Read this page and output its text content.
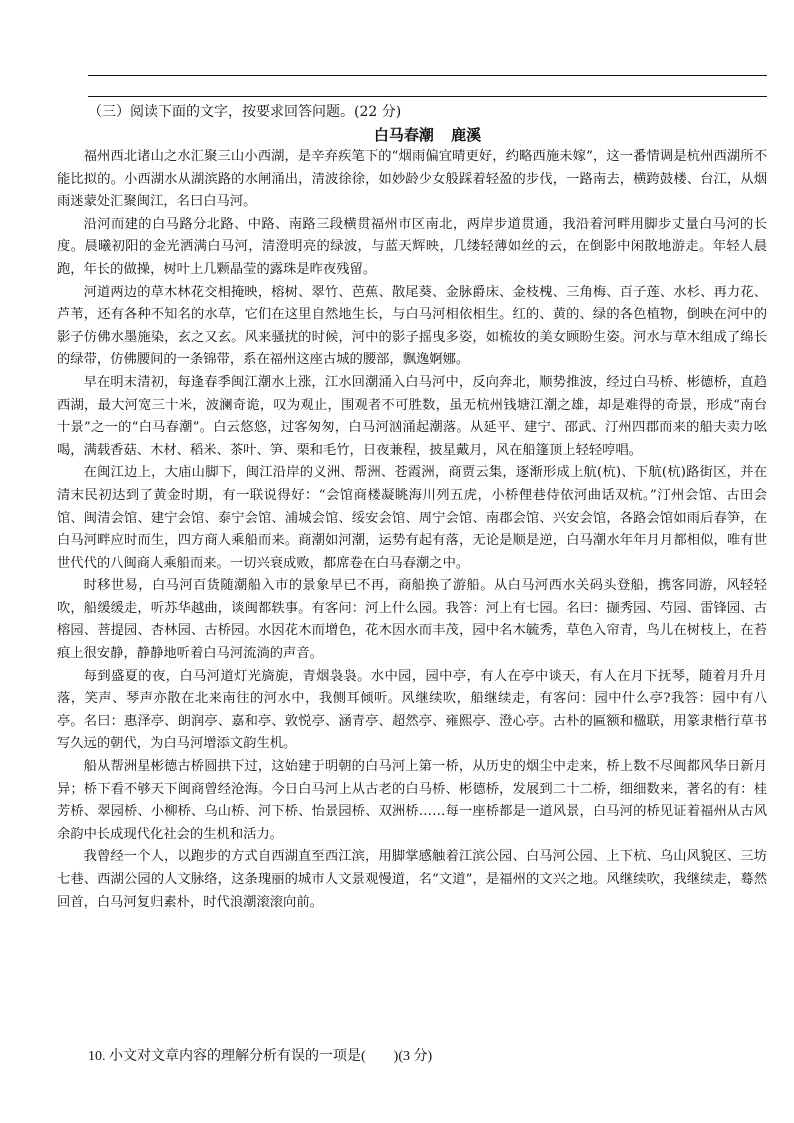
（三）阅读下面的文字，按要求回答问题。(22 分)
白马春潮 鹿溪

福州西北诸山之水汇聚三山小西湖，是辛弃疾笔下的“烟雨偏宜晴更好，约略西施未嫁”，这一番情调是杭州西湖所不能比拟的。小西湖水从湖滨路的水闸涌出，清波徐徐，如妙龄少女般踩着轻盈的步伐，一路南去，横跨鼓楼、台江，从烟雨迷蒙处汇聚闽江，名曰白马河。

沿河而建的白马路分北路、中路、南路三段横贯福州市区南北，两岸步道贯通，我沿着河畔用脚步丈量白马河的长度。晨曦初阳的金光洒满白马河，清澄明亮的绿波，与蓝天辉映，几缕轻薄如丝的云，在倒影中闲散地游走。年轻人晨跑，年长的做操，树叶上几颗晶莹的露珠是昨夜残留。

河道两边的草木林花交相掩映，榕树、翠竹、芭蕉、散尾葵、金脉爵床、金枝槐、三角梅、百子莲、水杉、再力花、芦苇，还有各种不知名的水草，它们在这里自然地生长，与白马河相依相生。红的、黄的、绿的各色植物，倒映在河中的影子仿佛水墨施染，玄之又玄。风来骚扰的时候，河中的影子摇曳多姿，如梳妆的美女顾盼生姿。河水与草木组成了绵长的绿带，仿佛腰间的一条锦带，系在福州这座古城的腰部，飘逸婀娜。

早在明末清初，每逢春季闽江潮水上涨，江水回潮涌入白马河中，反向奔北，顺势推波，经过白马桥、彬德桥，直趋西湖，最大河宽三十米，波澜奇诡，叹为观止，围观者不可胜数，虽无杭州钱塘江潮之雄，却是难得的奇景，形成“南台十景”之一的“白马春潮”。白云悠悠，过客匆匆，白马河汹涌起潮落。从延平、建宁、邵武、汀州四郡而来的船夫卖力吆喝，满载香菇、木材、稻米、茶叶、笋、栗和毛竹，日夜兼程，披星戴月，风在船篷顶上轻轻哼唱。

在闽江边上，大庙山脚下，闽江沿岸的义洲、帮洲、苍霞洲，商贾云集，逐渐形成上航(杭)、下航(杭)路街区，并在清末民初达到了黄金时期，有一联说得好：“会馆商楼凝眺海川列五虎，小桥俚巷侍依河曲话双杭。”汀州会馆、古田会馆、闽清会馆、建宁会馆、泰宁会馆、浦城会馆、绥安会馆、周宁会馆、南郡会馆、兴安会馆，各路会馆如雨后春笋，在白马河畔应时而生，四方商人乘船而来。商潮如河潮，运势有起有落，无论是顺是逆，白马潮水年年月月都相似，唯有世世代代的八闽商人乘船而来。一切兴衰成败，都席卷在白马春潮之中。

时移世易，白马河百货随潮船入市的景象早已不再，商船换了游船。从白马河西水关码头登船，携客同游，风轻轻吹，船缓缓走，听苏华越曲，谈闽都轶事。有客问：河上什么园。我答：河上有七园。名曰：撷秀园、芍园、雷锋园、古榕园、菩提园、杏林园、古桥园。水因花木而增色，花木因水而丰茂，园中名木毓秀，草色入帘青，鸟儿在树枝上，在苔痕上很安静，静静地听着白马河流淌的声音。

每到盛夏的夜，白马河道灯光旖旎，青烟袅袅。水中园，园中亭，有人在亭中谈天，有人在月下抚琴，随着月升月落，笑声、琴声亦散在北来南往的河水中，我侧耳倾听。风继续吹，船继续走，有客问：园中什么亭?我答：园中有八亭。名曰：惠泽亭、朗润亭、嘉和亭、敦悦亭、涵青亭、超然亭、雍熙亭、澄心亭。古朴的匾额和楹联，用篆隶楷行草书写久远的朝代，为白马河增添文韵生机。

船从帮洲星彬德古桥圆拱下过，这始建于明朝的白马河上第一桥，从历史的烟尘中走来，桥上数不尽闽都风华日新月异；桥下看不够天下闽商曾经沧海。今日白马河上从古老的白马桥、彬德桥，发展到二十二桥，细细数来，著名的有：桂芳桥、翠园桥、小柳桥、乌山桥、河下桥、怡景园桥、双洲桥……每一座桥都是一道风景，白马河的桥见证着福州从古风余韵中长成现代化社会的生机和活力。

我曾经一个人，以跑步的方式自西湖直至西江滨，用脚掌感触着江滨公园、白马河公园、上下杭、乌山风貌区、三坊七巷、西湖公园的人文脉络，这条瑰丽的城市人文景观慢道，名“文道”，是福州的文兴之地。风继续吹，我继续走，蓦然回首，白马河复归素朴，时代浪潮滚滚向前。

10. 小文对文章内容的理解分析有误的一项是(　　)(3 分)
